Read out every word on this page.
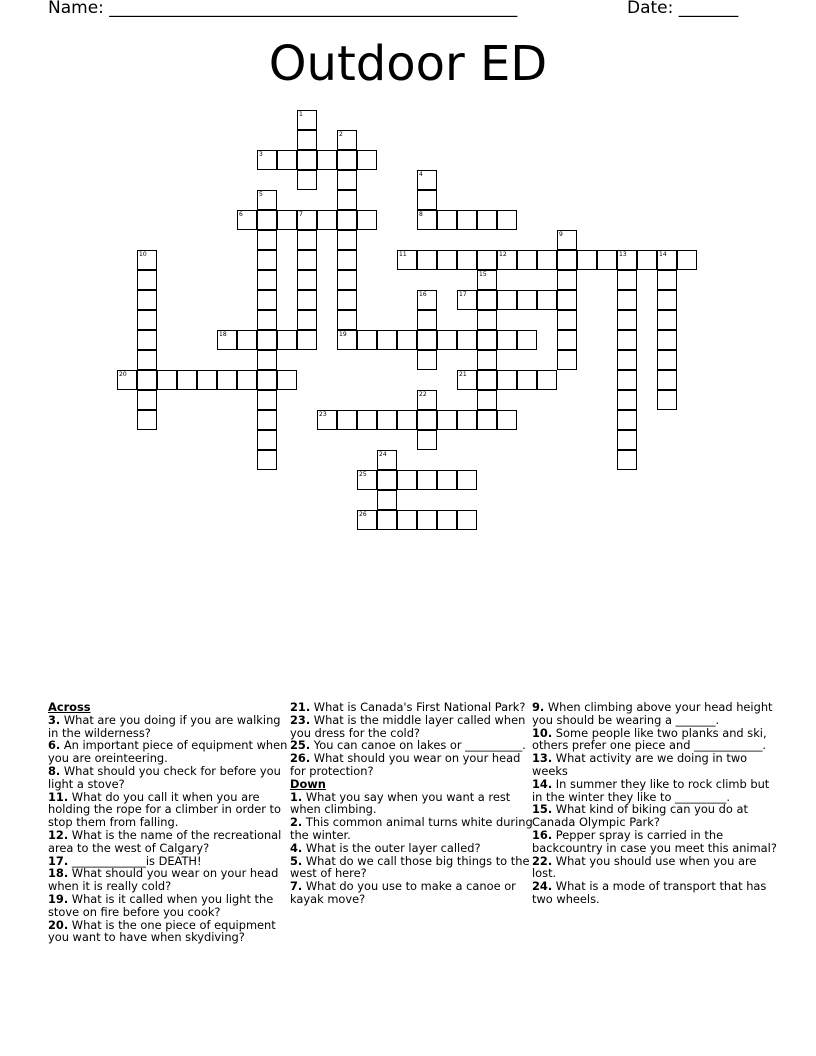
Name: ________________________________________________	Date: _______
Outdoor ED
3
6	7	8
11	12	13	14
17
18	19
20	21
23
25
26
1
2
4
5
9
10
15
16
22
24
Across
3. What are you doing if you are walking in the wilderness?
6. An important piece of equipment when you are oreinteering.
8. What should you check for before you light a stove?
11. What do you call it when you are holding the rope for a climber in order to stop them from falling.
12. What is the name of the recreational area to the west of Calgary?
17. _____________is DEATH!
18. What should you wear on your head when it is really cold?
19. What is it called when you light the stove on fire before you cook?
20. What is the one piece of equipment you want to have when skydiving?
21. What is Canada's First National Park?
23. What is the middle layer called when you dress for the cold?
25. You can canoe on lakes or __________.
26. What should you wear on your head for protection?
Down
1. What you say when you want a rest when climbing.
2. This common animal turns white during the winter.
4. What is the outer layer called?
5. What do we call those big things to the west of here?
7. What do you use to make a canoe or kayak move?
9. When climbing above your head height you should be wearing a _______.
10. Some people like two planks and ski, others prefer one piece and ____________.
13. What activity are we doing in two weeks
14. In summer they like to rock climb but in the winter they like to _________.
15. What kind of biking can you do at Canada Olympic Park?
16. Pepper spray is carried in the backcountry in case you meet this animal?
22. What you should use when you are lost.
24. What is a mode of transport that has two wheels.
